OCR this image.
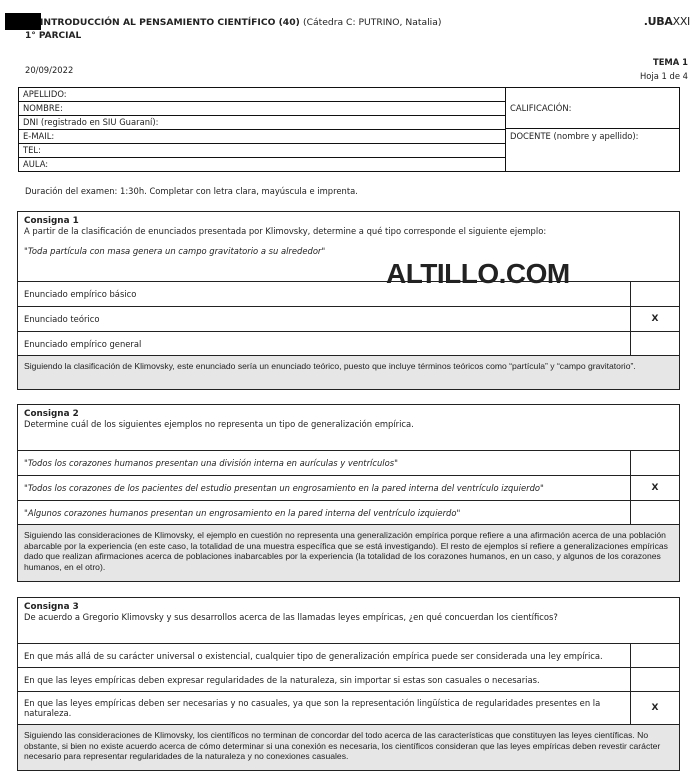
INTRODUCCIÓN AL PENSAMIENTO CIENTÍFICO (40) (Cátedra C: PUTRINO, Natalia)
1° PARCIAL
.UBAXXI
20/09/2022
TEMA 1
Hoja 1 de 4
APELLIDO:
NOMBRE:
DNI (registrado en SIU Guaraní):
E-MAIL:
TEL:
AULA:
CALIFICACIÓN:
DOCENTE (nombre y apellido):
Duración del examen: 1:30h. Completar con letra clara, mayúscula e imprenta.
Consigna 1
A partir de la clasificación de enunciados presentada por Klimovsky, determine a qué tipo corresponde el siguiente ejemplo:
"Toda partícula con masa genera un campo gravitatorio a su alrededor"
Enunciado empírico básico
Enunciado teórico	X
Enunciado empírico general
Siguiendo la clasificación de Klimovsky, este enunciado sería un enunciado teórico, puesto que incluye términos teóricos como “partícula” y “campo gravitatorio”.
ALTILLO.COM
Consigna 2
Determine cuál de los siguientes ejemplos no representa un tipo de generalización empírica.
"Todos los corazones humanos presentan una división interna en aurículas y ventrículos"
"Todos los corazones de los pacientes del estudio presentan un engrosamiento en la pared interna del ventrículo izquierdo"	X
"Algunos corazones humanos presentan un engrosamiento en la pared interna del ventrículo izquierdo"
Siguiendo las consideraciones de Klimovsky, el ejemplo en cuestión no representa una generalización empírica porque refiere a una afirmación acerca de una población abarcable por la experiencia (en este caso, la totalidad de una muestra específica que se está investigando). El resto de ejemplos sí refiere a generalizaciones empíricas dado que realizan afirmaciones acerca de poblaciones inabarcables por la experiencia (la totalidad de los corazones humanos, en un caso, y algunos de los corazones humanos, en el otro).
Consigna 3
De acuerdo a Gregorio Klimovsky y sus desarrollos acerca de las llamadas leyes empíricas, ¿en qué concuerdan los científicos?
En que más allá de su carácter universal o existencial, cualquier tipo de generalización empírica puede ser considerada una ley empírica.
En que las leyes empíricas deben expresar regularidades de la naturaleza, sin importar si estas son casuales o necesarias.
En que las leyes empíricas deben ser necesarias y no casuales, ya que son la representación lingüística de regularidades presentes en la naturaleza.	X
Siguiendo las consideraciones de Klimovsky, los científicos no terminan de concordar del todo acerca de las características que constituyen las leyes científicas. No obstante, si bien no existe acuerdo acerca de cómo determinar si una conexión es necesaria, los científicos consideran que las leyes empíricas deben revestir carácter necesario para representar regularidades de la naturaleza y no conexiones casuales.
